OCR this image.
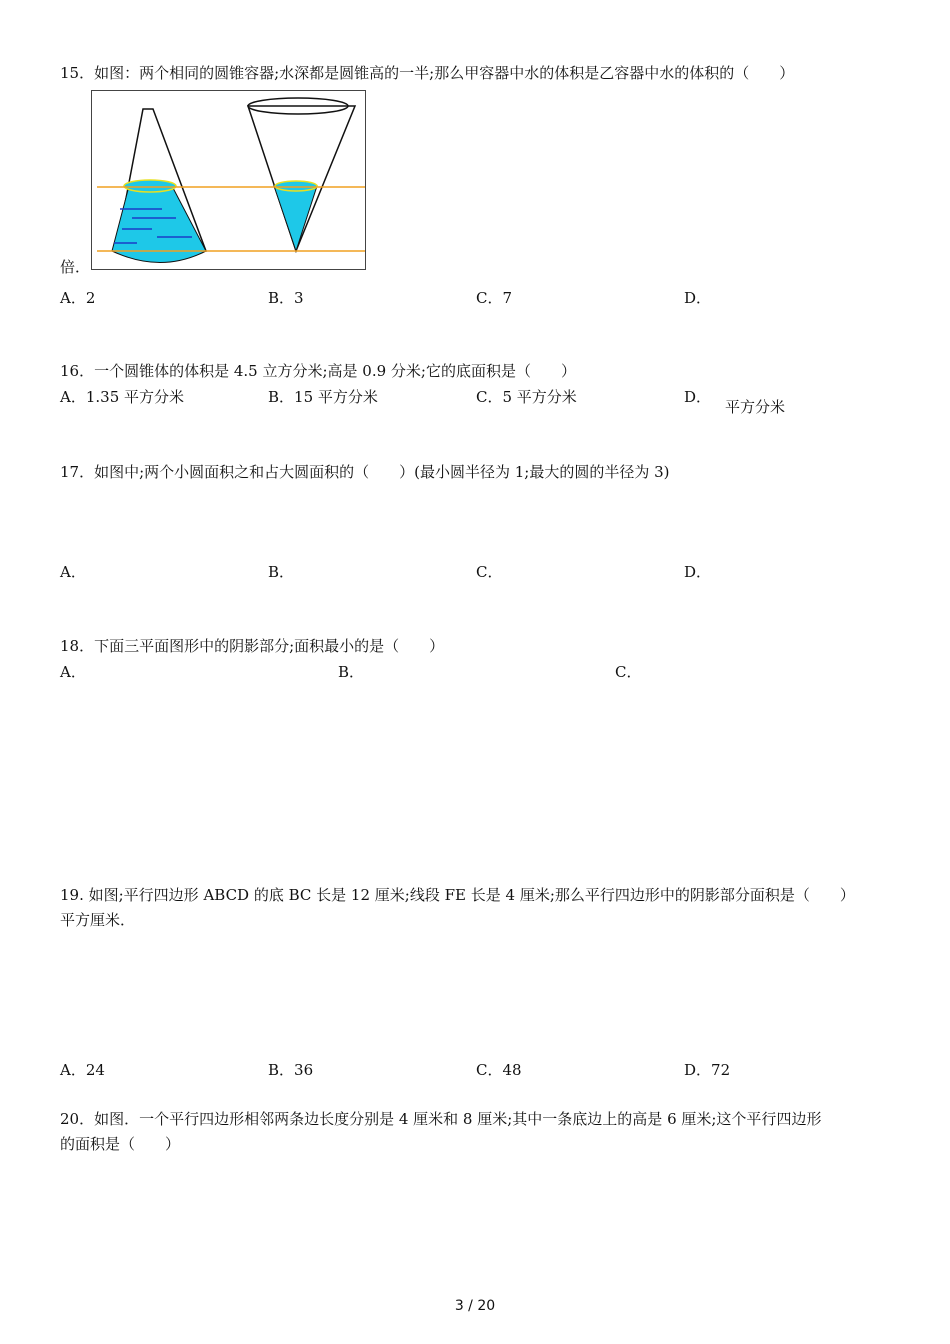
15．如图：两个相同的圆锥容器;水深都是圆锥高的一半;那么甲容器中水的体积是乙容器中水的体积的（　　）
倍．
A．2	B．3	C．7	D．
16．一个圆锥体的体积是 4.5 立方分米;高是 0.9 分米;它的底面积是（　　）
A．1.35 平方分米	B．15 平方分米	C．5 平方分米	D．
平方分米
17．如图中;两个小圆面积之和占大圆面积的（　　）(最小圆半径为 1;最大的圆的半径为 3)
A．	B．	C．	D．
18．下面三平面图形中的阴影部分;面积最小的是（　　）
A．	B．	C．
19. 如图;平行四边形 ABCD 的底 BC 长是 12 厘米;线段 FE 长是 4 厘米;那么平行四边形中的阴影部分面积是（　　）
平方厘米．
A．24	B．36	C．48	D．72
20．如图．一个平行四边形相邻两条边长度分别是 4 厘米和 8 厘米;其中一条底边上的高是 6 厘米;这个平行四边形
的面积是（　　）
3 / 20
